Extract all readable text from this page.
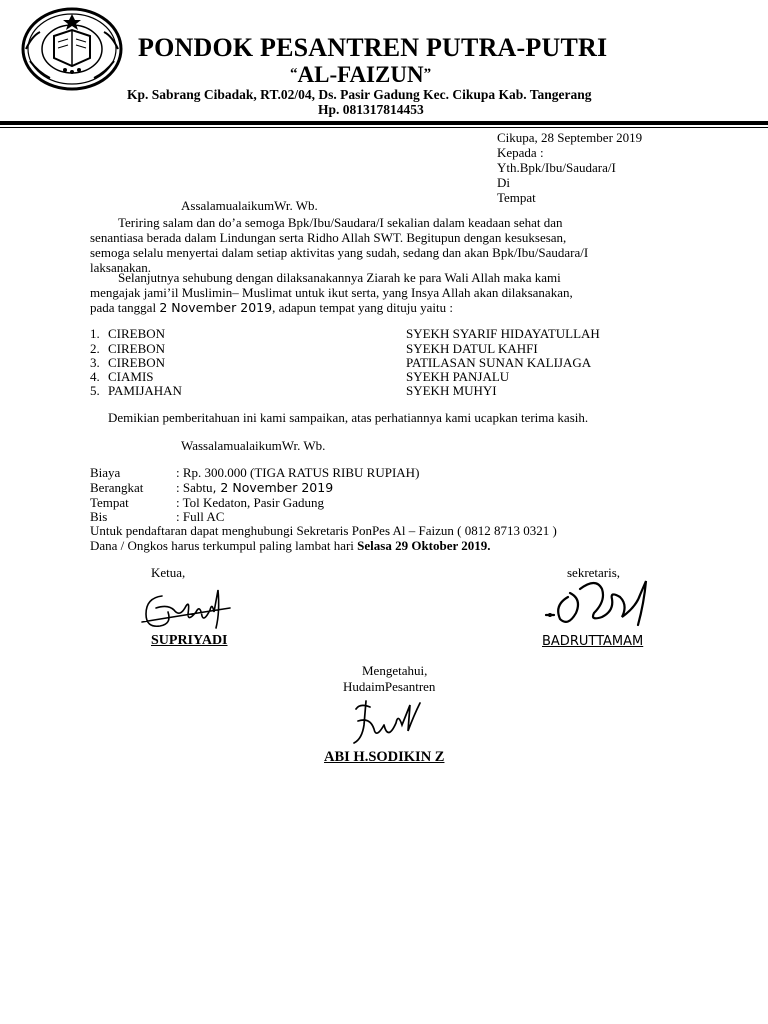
PONDOK PESANTREN PUTRA-PUTRI
“AL-FAIZUN”
Kp. Sabrang Cibadak, RT.02/04, Ds. Pasir Gadung Kec. Cikupa Kab. Tangerang
Hp. 081317814453
Cikupa, 28 September 2019
Kepada :
Yth.Bpk/Ibu/Saudara/I
Di
Tempat
AssalamualaikumWr. Wb.
Teriring salam dan do’a semoga Bpk/Ibu/Saudara/I sekalian dalam keadaan sehat dan
senantiasa berada dalam Lindungan serta Ridho Allah SWT. Begitupun dengan kesuksesan,
semoga selalu menyertai dalam setiap aktivitas yang sudah, sedang dan akan Bpk/Ibu/Saudara/I
laksanakan.
Selanjutnya sehubung dengan dilaksanakannya Ziarah ke para Wali Allah maka kami
mengajak jami’il Muslimin– Muslimat untuk ikut serta, yang Insya Allah akan dilaksanakan,
pada tanggal 2 November 2019, adapun tempat yang dituju yaitu :
1. CIREBON	SYEKH SYARIF HIDAYATULLAH
2. CIREBON	SYEKH DATUL KAHFI
3. CIREBON	PATILASAN SUNAN KALIJAGA
4. CIAMIS	SYEKH PANJALU
5. PAMIJAHAN	SYEKH MUHYI
Demikian pemberitahuan ini kami sampaikan, atas perhatiannya kami ucapkan terima kasih.
WassalamualaikumWr. Wb.
Biaya	: Rp. 300.000 (TIGA RATUS RIBU RUPIAH)
Berangkat	: Sabtu, 2 November 2019
Tempat	: Tol Kedaton, Pasir Gadung
Bis	: Full AC
Untuk pendaftaran dapat menghubungi Sekretaris PonPes Al – Faizun ( 0812 8713 0321 )
Dana / Ongkos harus terkumpul paling lambat hari Selasa 29 Oktober 2019.
Ketua,
SUPRIYADI
sekretaris,
BADRUTTAMAM
Mengetahui,
HudaimPesantren
ABI H.SODIKIN Z
